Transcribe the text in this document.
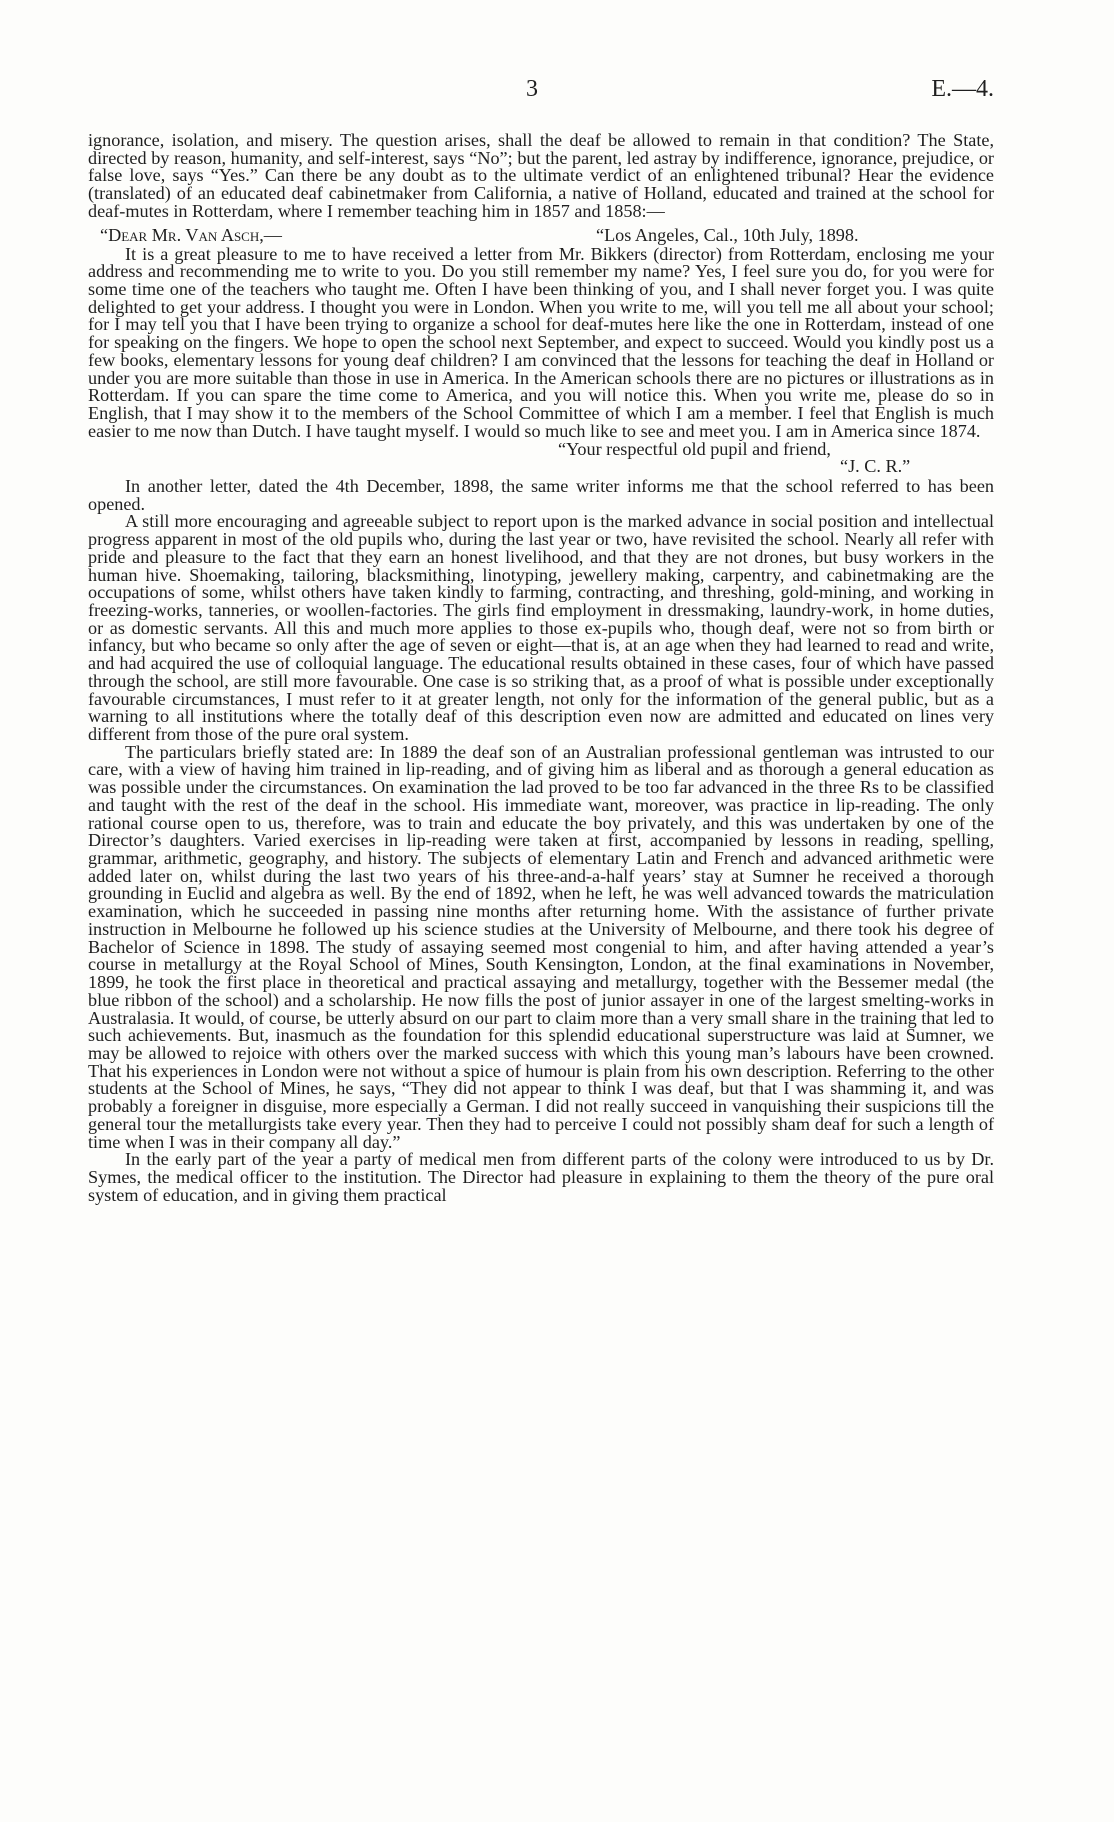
3	E.—4.

ignorance, isolation, and misery. The question arises, shall the deaf be allowed to remain in that condition? The State, directed by reason, humanity, and self-interest, says “No”; but the parent, led astray by indifference, ignorance, prejudice, or false love, says “Yes.” Can there be any doubt as to the ultimate verdict of an enlightened tribunal? Hear the evidence (translated) of an educated deaf cabinetmaker from California, a native of Holland, educated and trained at the school for deaf-mutes in Rotterdam, where I remember teaching him in 1857 and 1858:—

“Dear Mr. Van Asch,—	“Los Angeles, Cal., 10th July, 1898.

It is a great pleasure to me to have received a letter from Mr. Bikkers (director) from Rotterdam, enclosing me your address and recommending me to write to you. Do you still remember my name? Yes, I feel sure you do, for you were for some time one of the teachers who taught me. Often I have been thinking of you, and I shall never forget you. I was quite delighted to get your address. I thought you were in London. When you write to me, will you tell me all about your school; for I may tell you that I have been trying to organize a school for deaf-mutes here like the one in Rotterdam, instead of one for speaking on the fingers. We hope to open the school next September, and expect to succeed. Would you kindly post us a few books, elementary lessons for young deaf children? I am convinced that the lessons for teaching the deaf in Holland or under you are more suitable than those in use in America. In the American schools there are no pictures or illustrations as in Rotterdam. If you can spare the time come to America, and you will notice this. When you write me, please do so in English, that I may show it to the members of the School Committee of which I am a member. I feel that English is much easier to me now than Dutch. I have taught myself. I would so much like to see and meet you. I am in America since 1874.

“Your respectful old pupil and friend,

“J. C. R.”

In another letter, dated the 4th December, 1898, the same writer informs me that the school referred to has been opened.

A still more encouraging and agreeable subject to report upon is the marked advance in social position and intellectual progress apparent in most of the old pupils who, during the last year or two, have revisited the school. Nearly all refer with pride and pleasure to the fact that they earn an honest livelihood, and that they are not drones, but busy workers in the human hive. Shoemaking, tailoring, blacksmithing, linotyping, jewellery making, carpentry, and cabinetmaking are the occupations of some, whilst others have taken kindly to farming, contracting, and threshing, gold-mining, and working in freezing-works, tanneries, or woollen-factories. The girls find employment in dressmaking, laundry-work, in home duties, or as domestic servants. All this and much more applies to those ex-pupils who, though deaf, were not so from birth or infancy, but who became so only after the age of seven or eight—that is, at an age when they had learned to read and write, and had acquired the use of colloquial language. The educational results obtained in these cases, four of which have passed through the school, are still more favourable. One case is so striking that, as a proof of what is possible under exceptionally favourable circumstances, I must refer to it at greater length, not only for the information of the general public, but as a warning to all institutions where the totally deaf of this description even now are admitted and educated on lines very different from those of the pure oral system.

The particulars briefly stated are: In 1889 the deaf son of an Australian professional gentleman was intrusted to our care, with a view of having him trained in lip-reading, and of giving him as liberal and as thorough a general education as was possible under the circumstances. On examination the lad proved to be too far advanced in the three Rs to be classified and taught with the rest of the deaf in the school. His immediate want, moreover, was practice in lip-reading. The only rational course open to us, therefore, was to train and educate the boy privately, and this was undertaken by one of the Director’s daughters. Varied exercises in lip-reading were taken at first, accompanied by lessons in reading, spelling, grammar, arithmetic, geography, and history. The subjects of elementary Latin and French and advanced arithmetic were added later on, whilst during the last two years of his three-and-a-half years’ stay at Sumner he received a thorough grounding in Euclid and algebra as well. By the end of 1892, when he left, he was well advanced towards the matriculation examination, which he succeeded in passing nine months after returning home. With the assistance of further private instruction in Melbourne he followed up his science studies at the University of Melbourne, and there took his degree of Bachelor of Science in 1898. The study of assaying seemed most congenial to him, and after having attended a year’s course in metallurgy at the Royal School of Mines, South Kensington, London, at the final examinations in November, 1899, he took the first place in theoretical and practical assaying and metallurgy, together with the Bessemer medal (the blue ribbon of the school) and a scholarship. He now fills the post of junior assayer in one of the largest smelting-works in Australasia. It would, of course, be utterly absurd on our part to claim more than a very small share in the training that led to such achievements. But, inasmuch as the foundation for this splendid educational superstructure was laid at Sumner, we may be allowed to rejoice with others over the marked success with which this young man’s labours have been crowned. That his experiences in London were not without a spice of humour is plain from his own description. Referring to the other students at the School of Mines, he says, “They did not appear to think I was deaf, but that I was shamming it, and was probably a foreigner in disguise, more especially a German. I did not really succeed in vanquishing their suspicions till the general tour the metallurgists take every year. Then they had to perceive I could not possibly sham deaf for such a length of time when I was in their company all day.”

In the early part of the year a party of medical men from different parts of the colony were introduced to us by Dr. Symes, the medical officer to the institution. The Director had pleasure in explaining to them the theory of the pure oral system of education, and in giving them practical
